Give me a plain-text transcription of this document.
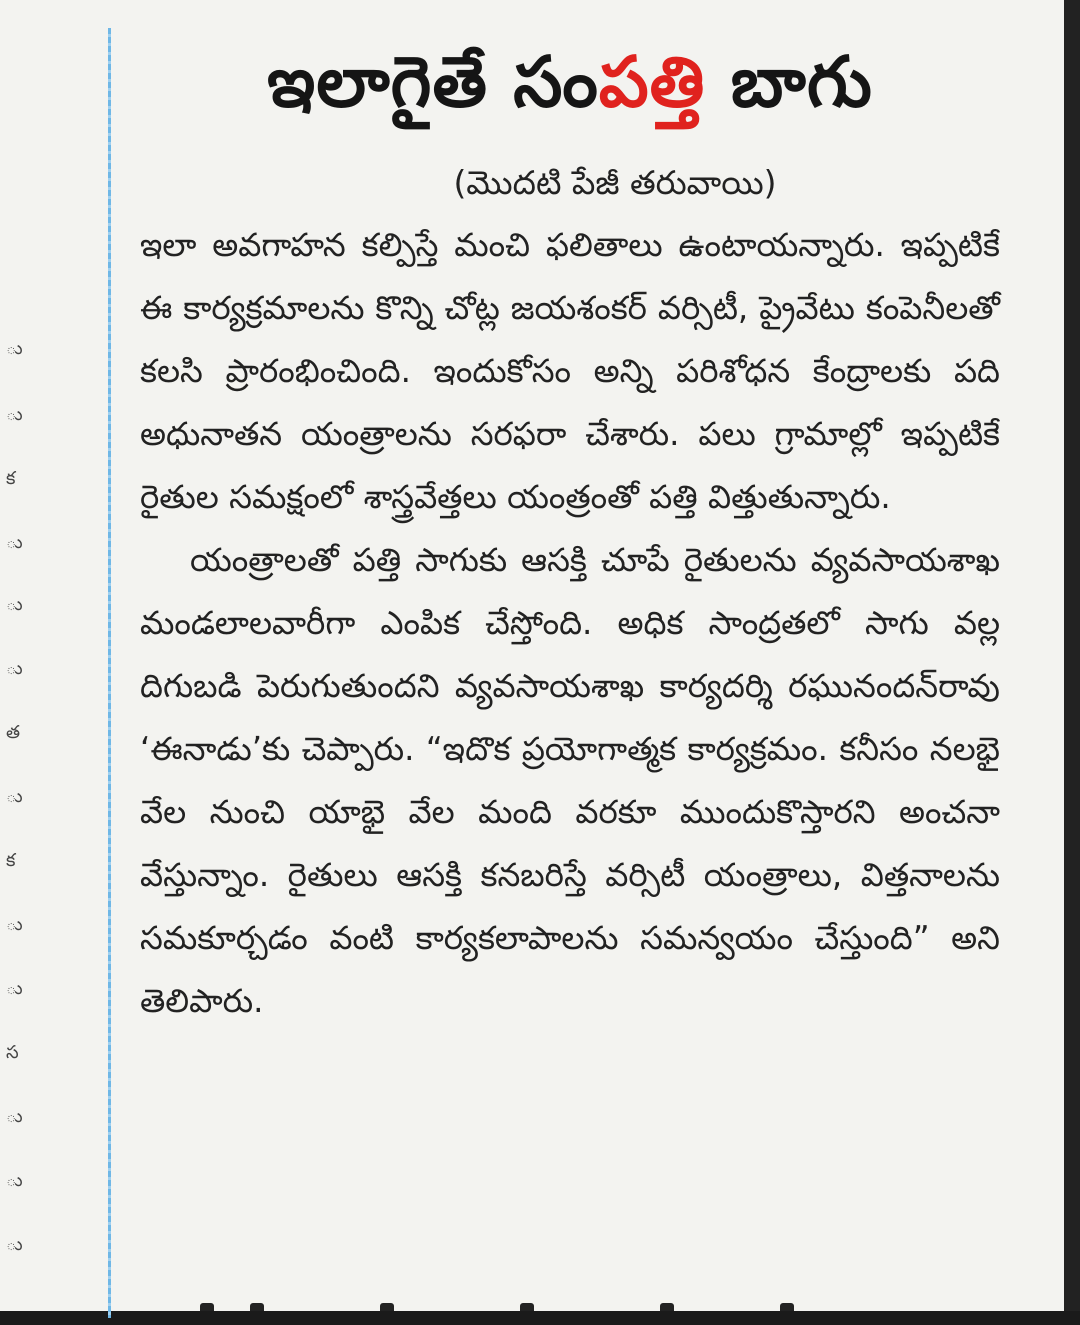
ు
ు
క
ు
ు
ు
త
ు
క
ు
ు
స
ు
ు
ు
ఇలాగైతే సంపత్తి బాగు
(మొదటి పేజీ తరువాయి)

ఇలా అవగాహన కల్పిస్తే మంచి ఫలితాలు ఉంటాయన్నారు. ఇప్పటికే ఈ కార్యక్రమాలను కొన్ని చోట్ల జయశంకర్ వర్సిటీ, ప్రైవేటు కంపెనీలతో కలసి ప్రారంభించింది. ఇందుకోసం అన్ని పరిశోధన కేంద్రాలకు పది అధునాతన యంత్రాలను సరఫరా చేశారు. పలు గ్రామాల్లో ఇప్పటికే రైతుల సమక్షంలో శాస్త్రవేత్తలు యంత్రంతో పత్తి విత్తుతున్నారు.

యంత్రాలతో పత్తి సాగుకు ఆసక్తి చూపే రైతులను వ్యవసాయశాఖ మండలాలవారీగా ఎంపిక చేస్తోంది. అధిక సాంద్రతలో సాగు వల్ల దిగుబడి పెరుగుతుందని వ్యవసాయశాఖ కార్యదర్శి రఘునందన్‌రావు ‘ఈనాడు’కు చెప్పారు. “ఇదొక ప్రయోగాత్మక కార్యక్రమం. కనీసం నలభై వేల నుంచి యాభై వేల మంది వరకూ ముందుకొస్తారని అంచనా వేస్తున్నాం. రైతులు ఆసక్తి కనబరిస్తే వర్సిటీ యంత్రాలు, విత్తనాలను సమకూర్చడం వంటి కార్యకలాపాలను సమన్వయం చేస్తుంది” అని తెలిపారు.
